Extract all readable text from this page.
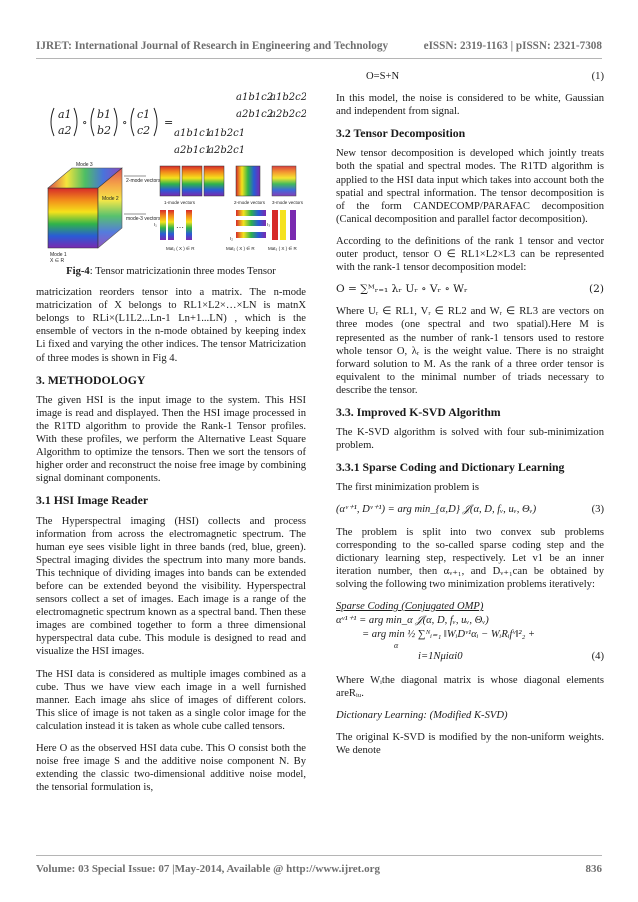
IJRET: International Journal of Research in Engineering and Technology	eISSN: 2319-1163 | pISSN: 2321-7308
a1
a2
∘
b1
b2
∘
c1
c2
=
a1b1c2
a1b2c2
a2b1c2
a2b2c2
a1b1c1
a1b2c1
a2b1c1
a2b2c1
Mode 1
X ∈ R
Mode 2
Mode 3
2-mode vectors
mode-3 vectors
…
1-mode vectors	2-mode vectors 3-mode vectors
Mat₁ ( X ) ∈ R	Mat₂ ( X ) ∈ R	Mat₃ ( X ) ∈ R
I₁
I₂
I₃
Fig-4: Tensor matricizationin three modes Tensor

matricization reorders tensor into a matrix. The n-mode matricization of X belongs to RL1×L2×…×LN is matnX belongs to RLi×(L1L2...Ln-1 Ln+1...LN) , which is the ensemble of vectors in the n-mode obtained by keeping index Li fixed and varying the other indices. The tensor Matricization of three modes is shown in Fig 4.

3. METHODOLOGY

The given HSI is the input image to the system. This HSI image is read and displayed. Then the HSI image processed in the R1TD algorithm to provide the Rank-1 Tensor profiles. With these profiles, we perform the Alternative Least Square Algorithm to optimize the tensors. Then we sort the tensors of higher order and reconstruct the noise free image by combining signal dominant components.

3.1 HSI Image Reader

The Hyperspectral imaging (HSI) collects and process information from across the electromagnetic spectrum. The human eye sees visible light in three bands (red, blue, green). Spectral imaging divides the spectrum into many more bands. This technique of dividing images into bands can be extended before can be extended beyond the visibility. Hyperspectral sensors collect a set of images. Each image is a range of the electromagnetic spectrum known as a spectral band. Then these images are combined together to form a three dimensional hyperspectral data cube. This module is designed to read and visualize the HSI images.

The HSI data is considered as multiple images combined as a cube. Thus we have view each image in a well furnished manner. Each image ahs slice of images of different colors. This slice of image is not taken as a single color image for the calculation instead it is taken as whole cube called tensors.

Here O as the observed HSI data cube. This O consist both the noise free image S and the additive noise component N. By extending the classic two-dimensional additive noise model, the tensorial formulation is,

O=S+N	(1)

In this model, the noise is considered to be white, Gaussian and independent from signal.

3.2 Tensor Decomposition

New tensor decomposition is developed which jointly treats both the spatial and spectral modes. The R1TD algorithm is applied to the HSI data input which takes into account both the spatial and spectral information. The tensor decomposition is of the form CANDECOMP/PARAFAC decomposition (Canical decomposition and parallel factor decomposition).

According to the definitions of the rank 1 tensor and vector outer product, tensor O ∈ RL1×L2×L3 can be represented with the rank-1 tensor decomposition model:

O = ∑ᴹᵣ₌₁ λᵣ Uᵣ ∘ Vᵣ ∘ Wᵣ	(2)

Where Uᵣ ∈ RL1, Vᵣ ∈ RL2 and Wᵣ ∈ RL3 are vectors on three modes (one spectral and two spatial).Here M is represented as the number of rank-1 tensors used to restore whole tensor O, λᵣ is the weight value. There is no straight forward solution to M. As the rank of a three order tensor is equivalent to the minimal number of triads necessary to describe the tensor.

3.3. Improved K-SVD Algorithm

The K-SVD algorithm is solved with four sub-minimization problem.

3.3.1 Sparse Coding and Dictionary Learning

The first minimization problem is

(αᵛ⁺¹, Dᵛ⁺¹) = arg min_{α,D} 𝒥(α, D, fᵥ, uᵥ, Θᵥ)	(3)

The problem is split into two convex sub problems corresponding to the so-called sparse coding step and the dictionary learning step, respectively. Let v1 be an inner iteration number, then αᵥ₊₁, and Dᵥ₊₁can be obtained by solving the following two minimization problems iteratively:

Sparse Coding (Conjugated OMP)
αᵛ¹⁺¹ = arg min_α 𝒥(α, D, fᵥ, uᵥ, Θᵥ)
= arg min ½ ∑ᴺᵢ₌₁ ‖WᵢDᵛ¹αᵢ − WᵢRᵢfᵛ‖²₂ +
α
i=1Nμiαi0	(4)

Where Wᵢthe diagonal matrix is whose diagonal elements areRᵢᵤ.

Dictionary Learning: (Modified K-SVD)

The original K-SVD is modified by the non-uniform weights. We denote

Volume: 03 Special Issue: 07 |May-2014, Available @ http://www.ijret.org	836
